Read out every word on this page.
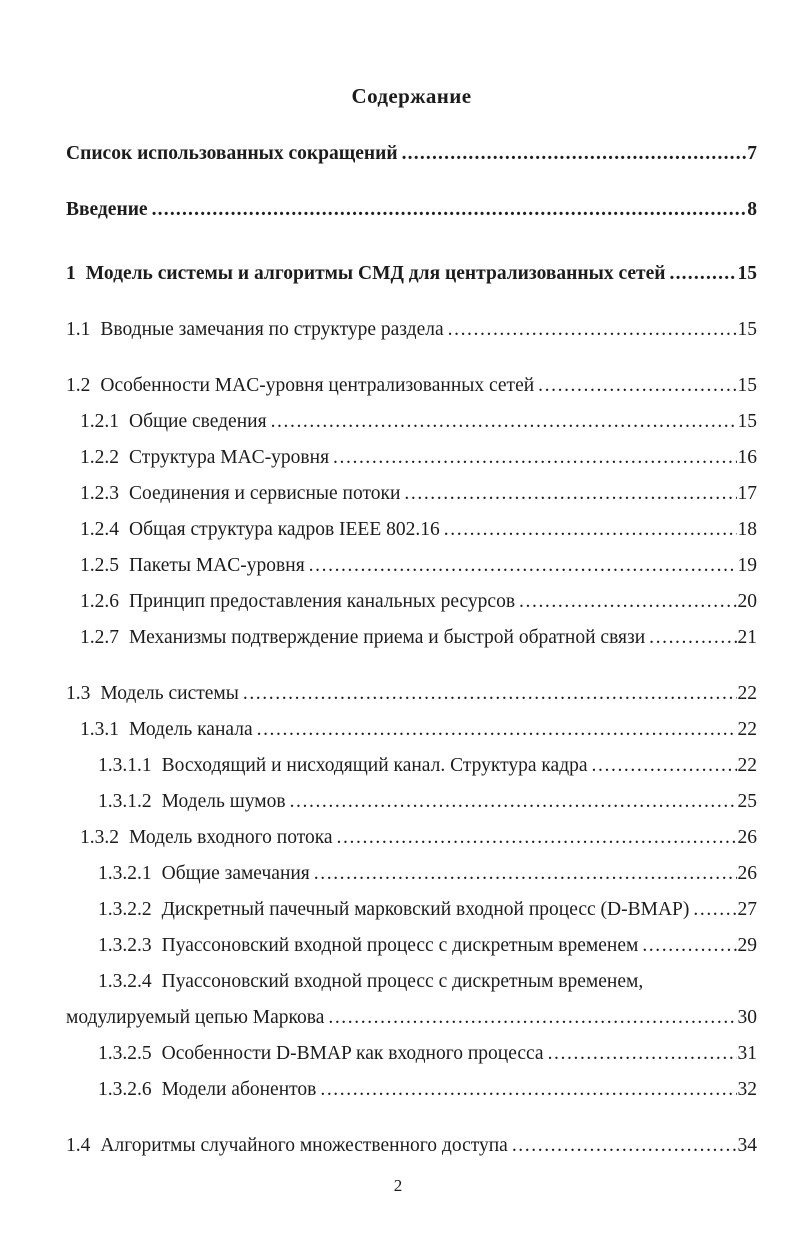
Содержание
Список использованных сокращений .....	7
Введение .....	8
1 Модель системы и алгоритмы СМД для централизованных сетей .....	15
1.1 Вводные замечания по структуре раздела .....	15
1.2 Особенности MAC-уровня централизованных сетей .....	15
1.2.1 Общие сведения .....	15
1.2.2 Структура MAC-уровня .....	16
1.2.3 Соединения и сервисные потоки .....	17
1.2.4 Общая структура кадров IEEE 802.16 .....	18
1.2.5 Пакеты MAC-уровня .....	19
1.2.6 Принцип предоставления канальных ресурсов .....	20
1.2.7 Механизмы подтверждение приема и быстрой обратной связи .....	21
1.3 Модель системы .....	22
1.3.1 Модель канала .....	22
1.3.1.1 Восходящий и нисходящий канал. Структура кадра .....	22
1.3.1.2 Модель шумов .....	25
1.3.2 Модель входного потока .....	26
1.3.2.1 Общие замечания .....	26
1.3.2.2 Дискретный пачечный марковский входной процесс (D-BMAP) ..... 27
1.3.2.3 Пуассоновский входной процесс с дискретным временем .....	29
1.3.2.4 Пуассоновский входной процесс с дискретным временем,
модулируемый цепью Маркова .....	30
1.3.2.5 Особенности D-BMAP как входного процесса .....	31
1.3.2.6 Модели абонентов .....	32
1.4 Алгоритмы случайного множественного доступа .....	34
2
